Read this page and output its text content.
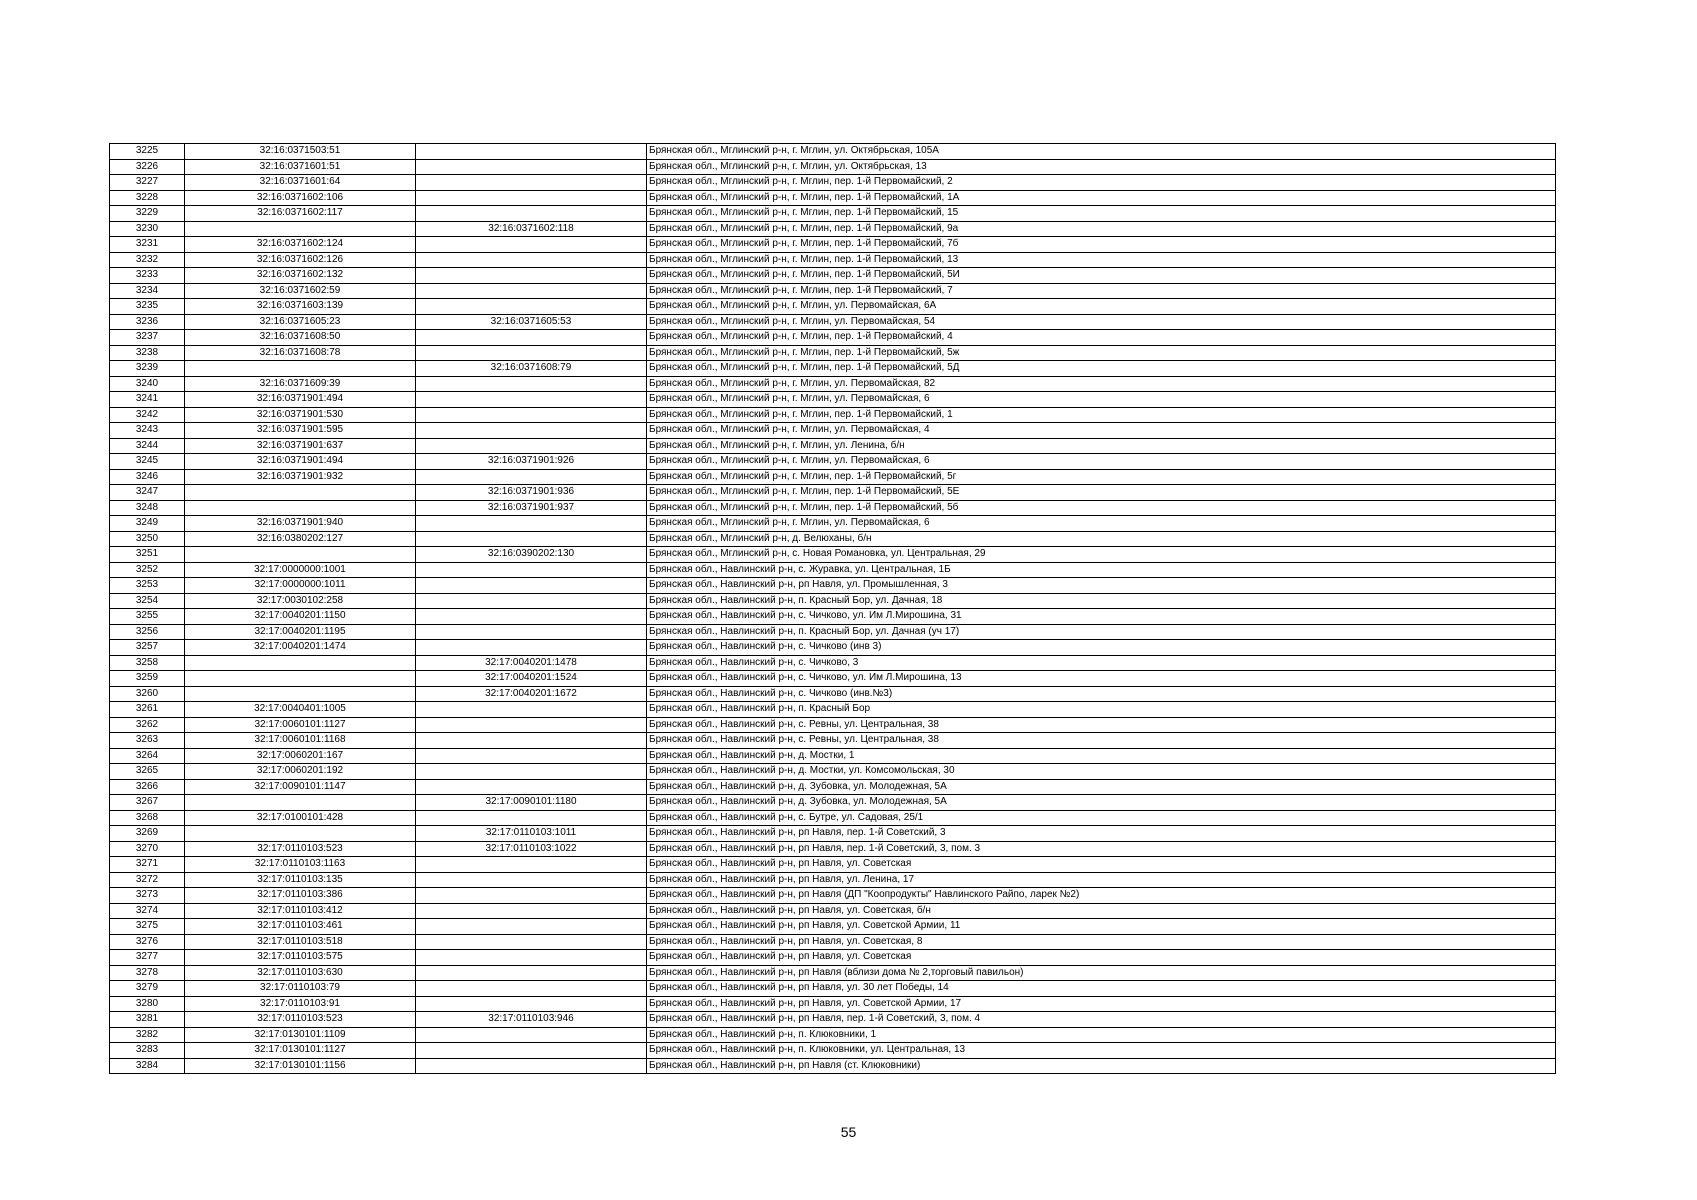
3225	32:16:0371503:51		Брянская обл., Мглинский р-н, г. Мглин, ул. Октябрьская, 105А
3226	32:16:0371601:51		Брянская обл., Мглинский р-н, г. Мглин, ул. Октябрьская, 13
3227	32:16:0371601:64		Брянская обл., Мглинский р-н, г. Мглин, пер. 1-й Первомайский, 2
3228	32:16:0371602:106		Брянская обл., Мглинский р-н, г. Мглин, пер. 1-й Первомайский, 1А
3229	32:16:0371602:117		Брянская обл., Мглинский р-н, г. Мглин, пер. 1-й Первомайский, 15
3230		32:16:0371602:118	Брянская обл., Мглинский р-н, г. Мглин, пер. 1-й Первомайский, 9а
3231	32:16:0371602:124		Брянская обл., Мглинский р-н, г. Мглин, пер. 1-й Первомайский, 7б
3232	32:16:0371602:126		Брянская обл., Мглинский р-н, г. Мглин, пер. 1-й Первомайский, 13
3233	32:16:0371602:132		Брянская обл., Мглинский р-н, г. Мглин, пер. 1-й Первомайский, 5И
3234	32:16:0371602:59		Брянская обл., Мглинский р-н, г. Мглин, пер. 1-й Первомайский, 7
3235	32:16:0371603:139		Брянская обл., Мглинский р-н, г. Мглин, ул. Первомайская, 6А
3236	32:16:0371605:23	32:16:0371605:53	Брянская обл., Мглинский р-н, г. Мглин, ул. Первомайская, 54
3237	32:16:0371608:50		Брянская обл., Мглинский р-н, г. Мглин, пер. 1-й Первомайский, 4
3238	32:16:0371608:78		Брянская обл., Мглинский р-н, г. Мглин, пер. 1-й Первомайский, 5ж
3239		32:16:0371608:79	Брянская обл., Мглинский р-н, г. Мглин, пер. 1-й Первомайский, 5Д
3240	32:16:0371609:39		Брянская обл., Мглинский р-н, г. Мглин, ул. Первомайская, 82
3241	32:16:0371901:494		Брянская обл., Мглинский р-н, г. Мглин, ул. Первомайская, 6
3242	32:16:0371901:530		Брянская обл., Мглинский р-н, г. Мглин, пер. 1-й Первомайский, 1
3243	32:16:0371901:595		Брянская обл., Мглинский р-н, г. Мглин, ул. Первомайская, 4
3244	32:16:0371901:637		Брянская обл., Мглинский р-н, г. Мглин, ул. Ленина, б/н
3245	32:16:0371901:494	32:16:0371901:926	Брянская обл., Мглинский р-н, г. Мглин, ул. Первомайская, 6
3246	32:16:0371901:932		Брянская обл., Мглинский р-н, г. Мглин, пер. 1-й Первомайский, 5г
3247		32:16:0371901:936	Брянская обл., Мглинский р-н, г. Мглин, пер. 1-й Первомайский, 5Е
3248		32:16:0371901:937	Брянская обл., Мглинский р-н, г. Мглин, пер. 1-й Первомайский, 5б
3249	32:16:0371901:940		Брянская обл., Мглинский р-н, г. Мглин, ул. Первомайская, 6
3250	32:16:0380202:127		Брянская обл., Мглинский р-н, д. Велюханы, б/н
3251		32:16:0390202:130	Брянская обл., Мглинский р-н, с. Новая Романовка, ул. Центральная, 29
3252	32:17:0000000:1001		Брянская обл., Навлинский р-н, с. Журавка, ул. Центральная, 1Б
3253	32:17:0000000:1011		Брянская обл., Навлинский р-н, рп Навля, ул. Промышленная, 3
3254	32:17:0030102:258		Брянская обл., Навлинский р-н, п. Красный Бор, ул. Дачная, 18
3255	32:17:0040201:1150		Брянская обл., Навлинский р-н, с. Чичково, ул. Им Л.Мирошина, 31
3256	32:17:0040201:1195		Брянская обл., Навлинский р-н, п. Красный Бор, ул. Дачная (уч 17)
3257	32:17:0040201:1474		Брянская обл., Навлинский р-н, с. Чичково (инв 3)
3258		32:17:0040201:1478	Брянская обл., Навлинский р-н, с. Чичково, 3
3259		32:17:0040201:1524	Брянская обл., Навлинский р-н, с. Чичково, ул. Им Л.Мирошина, 13
3260		32:17:0040201:1672	Брянская обл., Навлинский р-н, с. Чичково (инв.№3)
3261	32:17:0040401:1005		Брянская обл., Навлинский р-н, п. Красный Бор
3262	32:17:0060101:1127		Брянская обл., Навлинский р-н, с. Ревны, ул. Центральная, 38
3263	32:17:0060101:1168		Брянская обл., Навлинский р-н, с. Ревны, ул. Центральная, 38
3264	32:17:0060201:167		Брянская обл., Навлинский р-н, д. Мостки, 1
3265	32:17:0060201:192		Брянская обл., Навлинский р-н, д. Мостки, ул. Комсомольская, 30
3266	32:17:0090101:1147		Брянская обл., Навлинский р-н, д. Зубовка, ул. Молодежная, 5А
3267		32:17:0090101:1180	Брянская обл., Навлинский р-н, д. Зубовка, ул. Молодежная, 5А
3268	32:17:0100101:428		Брянская обл., Навлинский р-н, с. Бутре, ул. Садовая, 25/1
3269		32:17:0110103:1011	Брянская обл., Навлинский р-н, рп Навля, пер. 1-й Советский, 3
3270	32:17:0110103:523	32:17:0110103:1022	Брянская обл., Навлинский р-н, рп Навля, пер. 1-й Советский, 3, пом. 3
3271	32:17:0110103:1163		Брянская обл., Навлинский р-н, рп Навля, ул. Советская
3272	32:17:0110103:135		Брянская обл., Навлинский р-н, рп Навля, ул. Ленина, 17
3273	32:17:0110103:386		Брянская обл., Навлинский р-н, рп Навля (ДП "Коопродукты" Навлинского Райпо, ларек №2)
3274	32:17:0110103:412		Брянская обл., Навлинский р-н, рп Навля, ул. Советская, б/н
3275	32:17:0110103:461		Брянская обл., Навлинский р-н, рп Навля, ул. Советской Армии, 11
3276	32:17:0110103:518		Брянская обл., Навлинский р-н, рп Навля, ул. Советская, 8
3277	32:17:0110103:575		Брянская обл., Навлинский р-н, рп Навля, ул. Советская
3278	32:17:0110103:630		Брянская обл., Навлинский р-н, рп Навля (вблизи дома № 2,торговый павильон)
3279	32:17:0110103:79		Брянская обл., Навлинский р-н, рп Навля, ул. 30 лет Победы, 14
3280	32:17:0110103:91		Брянская обл., Навлинский р-н, рп Навля, ул. Советской Армии, 17
3281	32:17:0110103:523	32:17:0110103:946	Брянская обл., Навлинский р-н, рп Навля, пер. 1-й Советский, 3, пом. 4
3282	32:17:0130101:1109		Брянская обл., Навлинский р-н, п. Клюковники, 1
3283	32:17:0130101:1127		Брянская обл., Навлинский р-н, п. Клюковники, ул. Центральная, 13
3284	32:17:0130101:1156		Брянская обл., Навлинский р-н, рп Навля (ст. Клюковники)
55
